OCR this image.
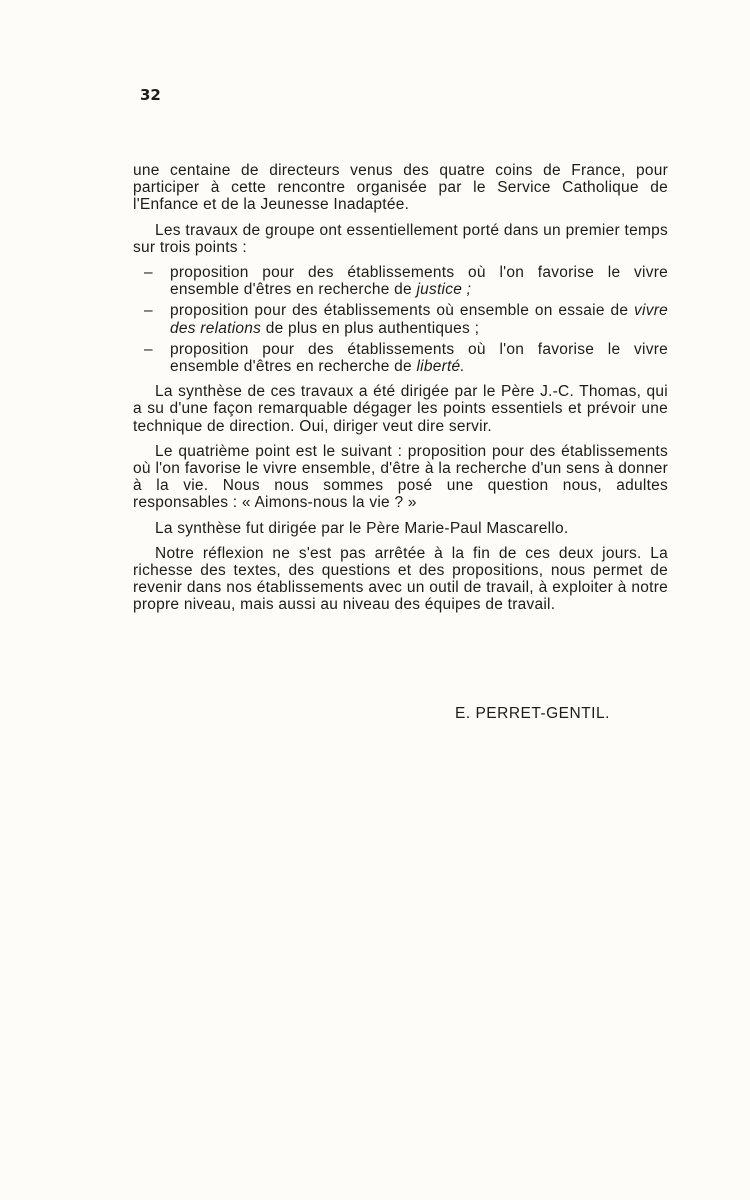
32

une centaine de directeurs venus des quatre coins de France, pour participer à cette rencontre organisée par le Service Catholique de l'Enfance et de la Jeunesse Inadaptée.

Les travaux de groupe ont essentiellement porté dans un premier temps sur trois points :

– proposition pour des établissements où l'on favorise le vivre ensemble d'êtres en recherche de justice ;
– proposition pour des établissements où ensemble on essaie de vivre des relations de plus en plus authentiques ;
– proposition pour des établissements où l'on favorise le vivre ensemble d'êtres en recherche de liberté.

La synthèse de ces travaux a été dirigée par le Père J.-C. Thomas, qui a su d'une façon remarquable dégager les points essentiels et prévoir une technique de direction. Oui, diriger veut dire servir.

Le quatrième point est le suivant : proposition pour des établissements où l'on favorise le vivre ensemble, d'être à la recherche d'un sens à donner à la vie. Nous nous sommes posé une question nous, adultes responsables : « Aimons-nous la vie ? »

La synthèse fut dirigée par le Père Marie-Paul Mascarello.

Notre réflexion ne s'est pas arrêtée à la fin de ces deux jours. La richesse des textes, des questions et des propositions, nous permet de revenir dans nos établissements avec un outil de travail, à exploiter à notre propre niveau, mais aussi au niveau des équipes de travail.

E. PERRET-GENTIL.
